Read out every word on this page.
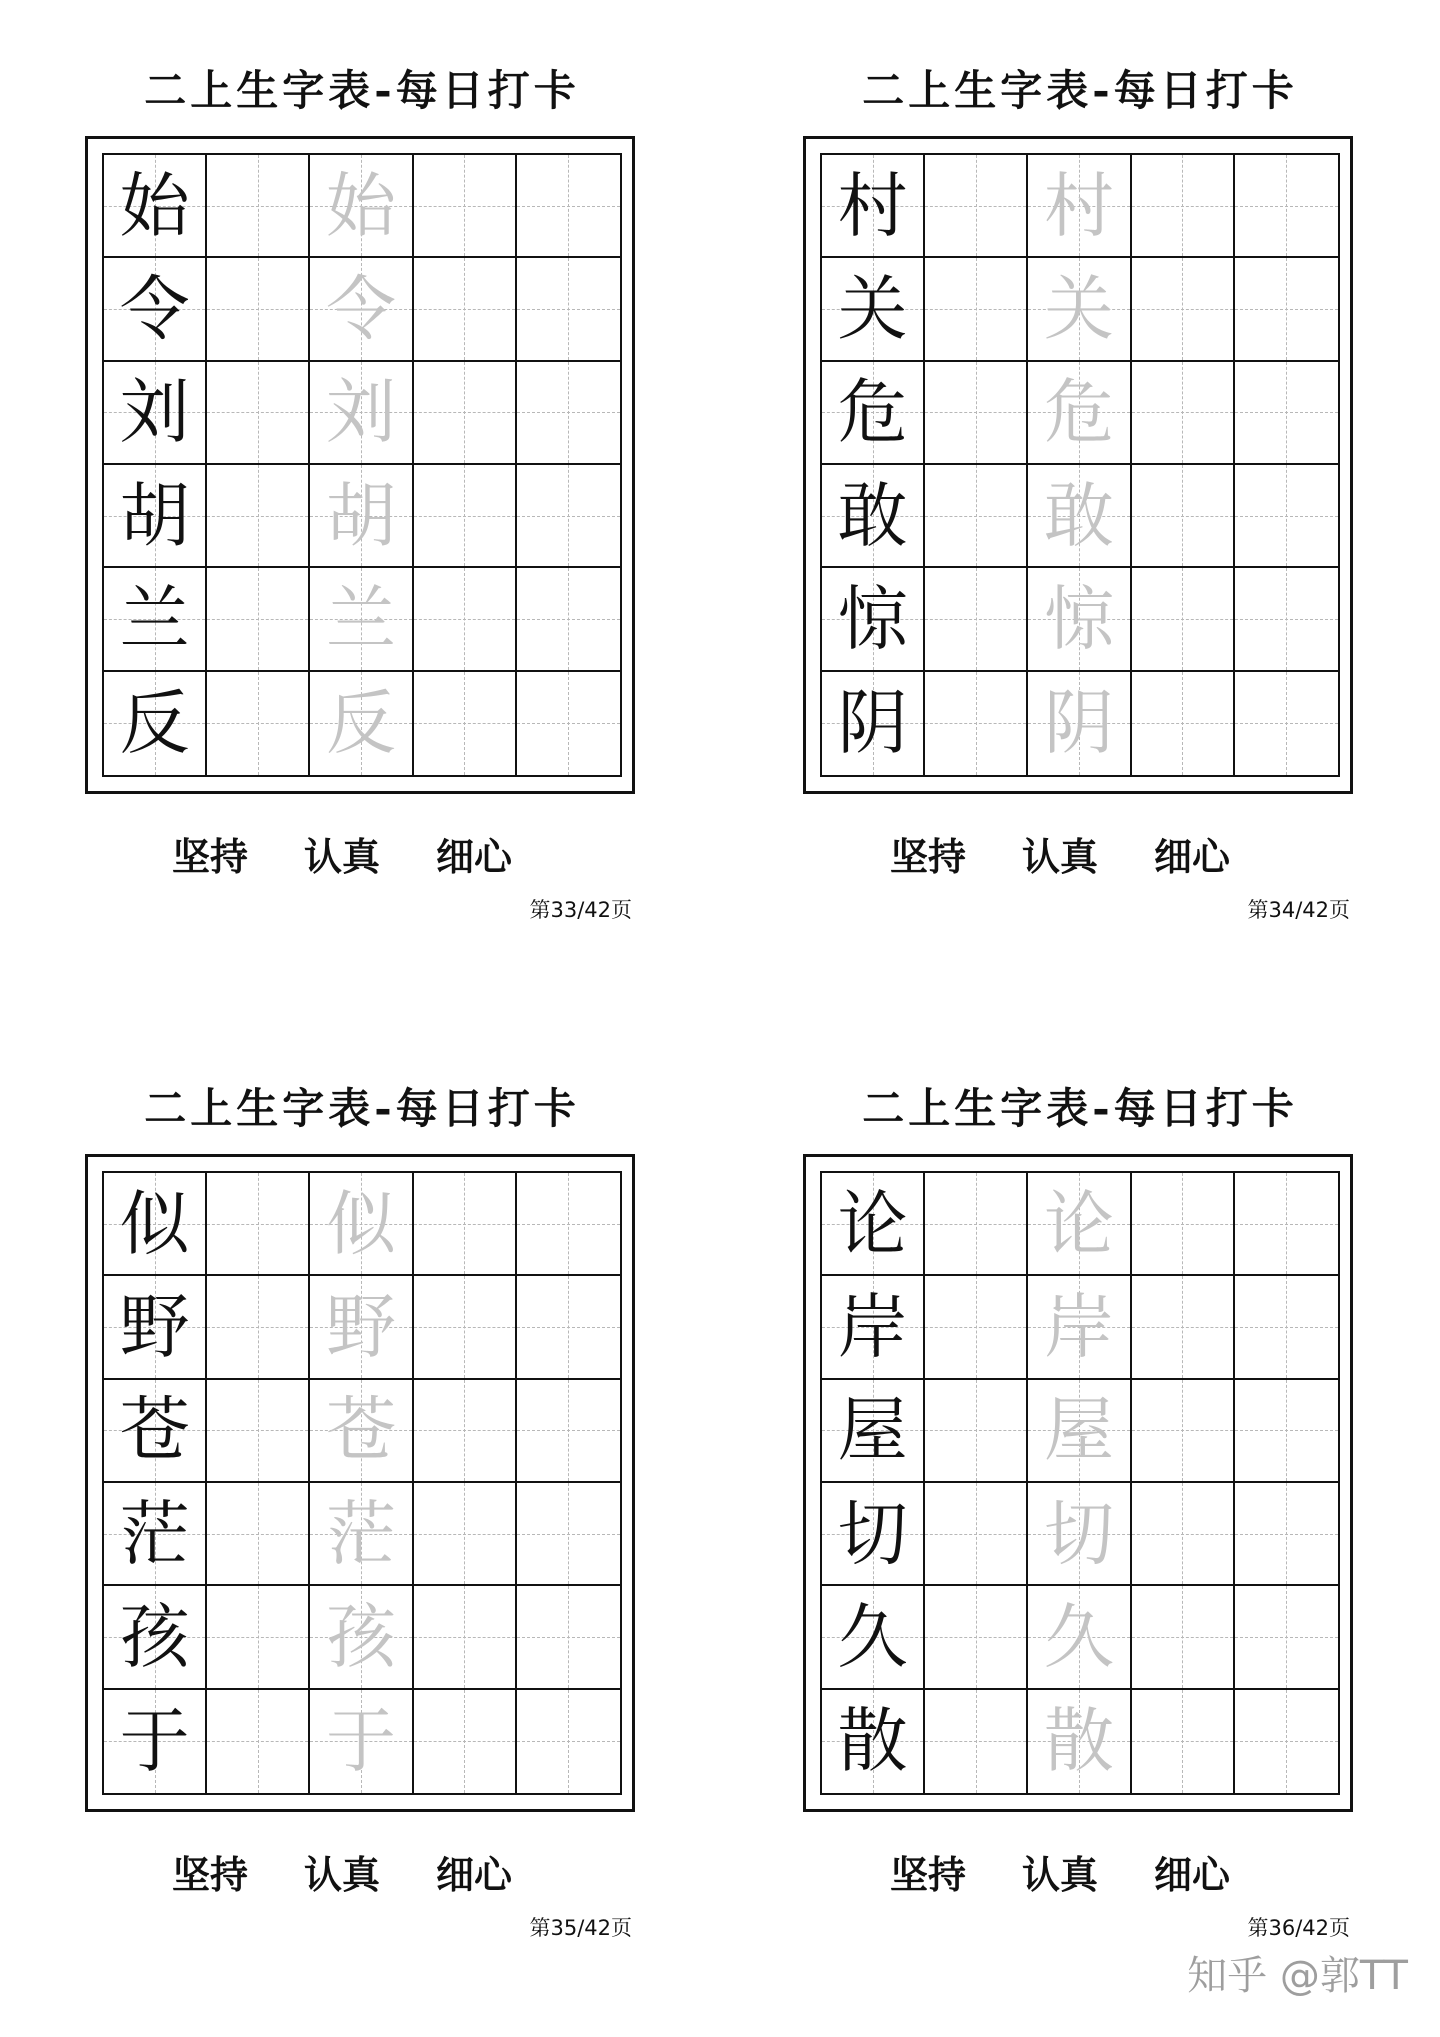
二上生字表-每日打卡
始 始
令 令
刘 刘
胡 胡
兰 兰
反 反
坚持 认真 细心
第33/42页
二上生字表-每日打卡
村 村
关 关
危 危
敢 敢
惊 惊
阴 阴
坚持 认真 细心
第34/42页
二上生字表-每日打卡
似 似
野 野
苍 苍
茫 茫
孩 孩
于 于
坚持 认真 细心
第35/42页
二上生字表-每日打卡
论 论
岸 岸
屋 屋
切 切
久 久
散 散
坚持 认真 细心
第36/42页
知乎 @郭TT
